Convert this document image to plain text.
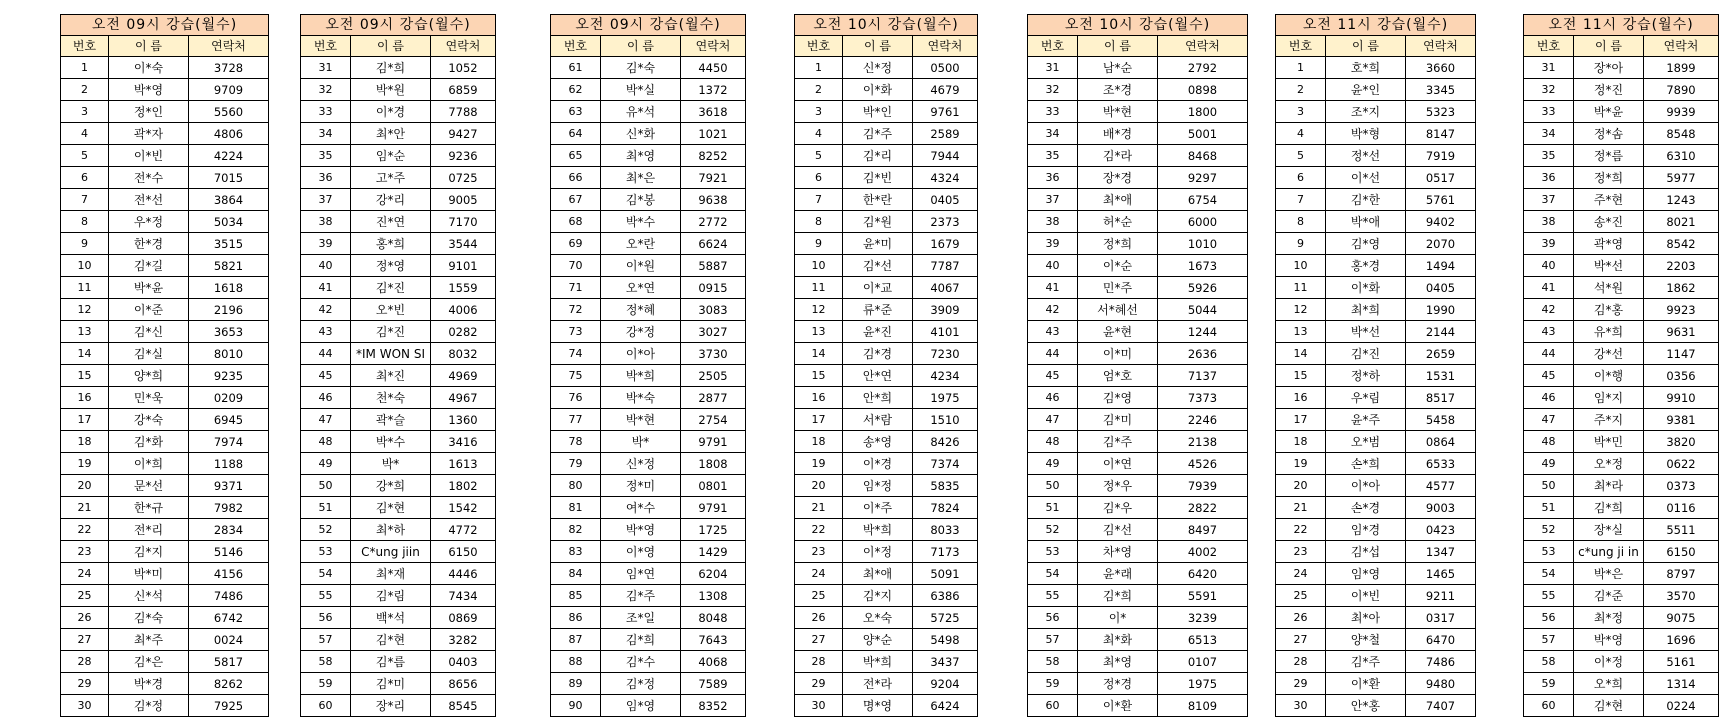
오전 09시 강습(월수)		
번호	이 름	연락처
1	이*숙	3728
2	박*영	9709
3	정*인	5560
4	곽*자	4806
5	이*빈	4224
6	전*수	7015
7	전*선	3864
8	우*정	5034
9	한*경	3515
10	김*길	5821
11	박*윤	1618
12	이*준	2196
13	김*신	3653
14	김*실	8010
15	양*희	9235
16	민*욱	0209
17	강*숙	6945
18	김*화	7974
19	이*희	1188
20	문*선	9371
21	한*규	7982
22	전*리	2834
23	김*지	5146
24	박*미	4156
25	신*석	7486
26	김*숙	6742
27	최*주	0024
28	김*은	5817
29	박*경	8262
30	김*정	7925
오전 09시 강습(월수)		
번호	이 름	연락처
31	김*희	1052
32	박*원	6859
33	이*경	7788
34	최*안	9427
35	임*순	9236
36	고*주	0725
37	강*리	9005
38	진*연	7170
39	홍*희	3544
40	정*영	9101
41	김*진	1559
42	오*빈	4006
43	김*진	0282
44	*IM WON SI	8032
45	최*진	4969
46	천*숙	4967
47	곽*슬	1360
48	박*수	3416
49	박*	1613
50	강*희	1802
51	김*현	1542
52	최*하	4772
53	C*ung jiin	6150
54	최*재	4446
55	김*림	7434
56	백*석	0869
57	김*현	3282
58	김*름	0403
59	김*미	8656
60	장*리	8545
오전 09시 강습(월수)		
번호	이 름	연락처
61	김*숙	4450
62	박*실	1372
63	유*석	3618
64	신*화	1021
65	최*영	8252
66	최*은	7921
67	김*봉	9638
68	박*수	2772
69	오*란	6624
70	이*원	5887
71	오*연	0915
72	정*혜	3083
73	강*정	3027
74	이*아	3730
75	박*희	2505
76	박*숙	2877
77	박*현	2754
78	박*	9791
79	신*정	1808
80	정*미	0801
81	여*수	9791
82	박*영	1725
83	이*영	1429
84	임*연	6204
85	김*주	1308
86	조*일	8048
87	김*희	7643
88	김*수	4068
89	김*정	7589
90	임*영	8352
오전 10시 강습(월수)		
번호	이 름	연락처
1	신*정	0500
2	이*화	4679
3	박*인	9761
4	김*주	2589
5	김*리	7944
6	김*빈	4324
7	한*란	0405
8	김*원	2373
9	윤*미	1679
10	김*선	7787
11	이*교	4067
12	류*준	3909
13	윤*진	4101
14	김*경	7230
15	안*연	4234
16	안*희	1975
17	서*람	1510
18	송*영	8426
19	이*경	7374
20	임*정	5835
21	이*주	7824
22	박*희	8033
23	이*정	7173
24	최*애	5091
25	김*지	6386
26	오*숙	5725
27	양*순	5498
28	박*희	3437
29	전*라	9204
30	명*영	6424
오전 10시 강습(월수)		
번호	이 름	연락처
31	남*순	2792
32	조*경	0898
33	박*현	1800
34	배*경	5001
35	김*라	8468
36	장*경	9297
37	최*애	6754
38	허*순	6000
39	정*희	1010
40	이*순	1673
41	민*주	5926
42	서*혜선	5044
43	윤*현	1244
44	이*미	2636
45	엄*호	7137
46	김*영	7373
47	김*미	2246
48	김*주	2138
49	이*연	4526
50	정*우	7939
51	김*우	2822
52	김*선	8497
53	차*영	4002
54	윤*래	6420
55	김*희	5591
56	이*	3239
57	최*화	6513
58	최*영	0107
59	정*경	1975
60	이*환	8109
오전 11시 강습(월수)		
번호	이 름	연락처
1	호*희	3660
2	윤*인	3345
3	조*지	5323
4	박*형	8147
5	정*선	7919
6	이*선	0517
7	김*한	5761
8	박*애	9402
9	김*영	2070
10	홍*경	1494
11	이*화	0405
12	최*희	1990
13	박*선	2144
14	김*진	2659
15	정*하	1531
16	우*림	8517
17	윤*주	5458
18	오*범	0864
19	손*희	6533
20	이*아	4577
21	손*경	9003
22	임*경	0423
23	김*섭	1347
24	임*영	1465
25	이*빈	9211
26	최*아	0317
27	양*철	6470
28	김*주	7486
29	이*환	9480
30	안*홍	7407
오전 11시 강습(월수)		
번호	이 름	연락처
31	장*아	1899
32	정*진	7890
33	박*윤	9939
34	정*솜	8548
35	정*름	6310
36	정*희	5977
37	주*현	1243
38	송*진	8021
39	곽*영	8542
40	박*선	2203
41	석*원	1862
42	김*홍	9923
43	유*희	9631
44	강*선	1147
45	이*행	0356
46	임*지	9910
47	주*지	9381
48	박*민	3820
49	오*정	0622
50	최*라	0373
51	김*희	0116
52	장*실	5511
53	c*ung ji in	6150
54	박*은	8797
55	김*준	3570
56	최*정	9075
57	박*영	1696
58	이*정	5161
59	오*희	1314
60	김*현	0224
